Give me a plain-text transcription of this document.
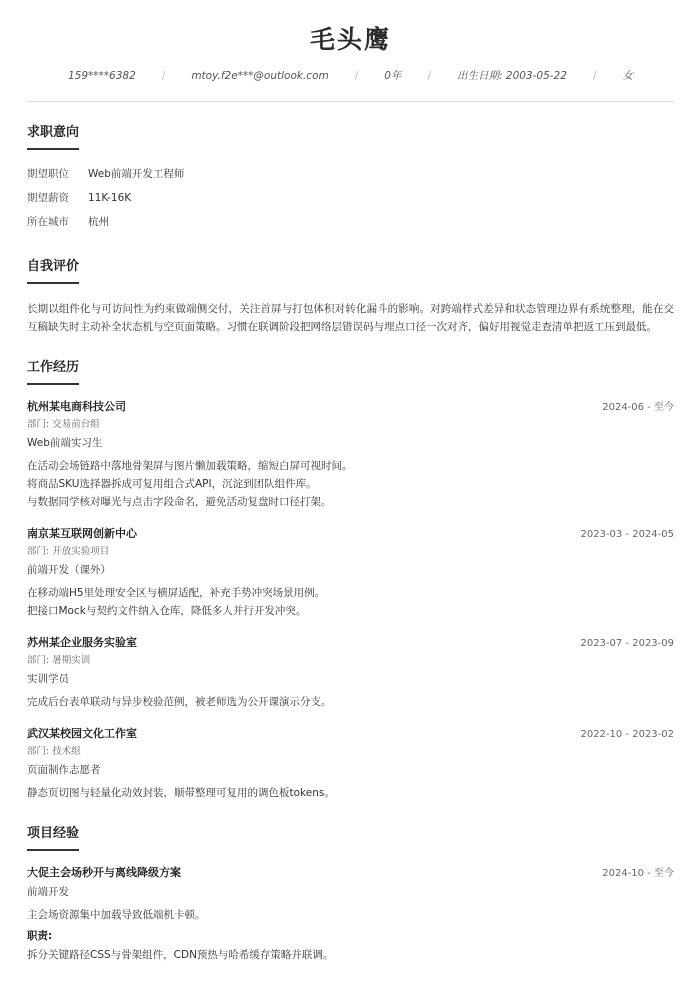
毛头鹰
159****6382	/	mtoy.f2e***@outlook.com	/	0年	/	出生日期: 2003-05-22	/	女
求职意向
期望职位	Web前端开发工程师
期望薪资	11K-16K
所在城市	杭州
自我评价
长期以组件化与可访问性为约束做端侧交付，关注首屏与打包体积对转化漏斗的影响。对跨端样式差异和状态管理边界有系统整理，能在交互稿缺失时主动补全状态机与空页面策略。习惯在联调阶段把网络层错误码与埋点口径一次对齐，偏好用视觉走查清单把返工压到最低。
工作经历
杭州某电商科技公司	2024-06 - 至今
部门: 交易前台组
Web前端实习生
在活动会场链路中落地骨架屏与图片懒加载策略，缩短白屏可视时间。
将商品SKU选择器拆成可复用组合式API，沉淀到团队组件库。
与数据同学核对曝光与点击字段命名，避免活动复盘时口径打架。
南京某互联网创新中心	2023-03 - 2024-05
部门: 开放实验项目
前端开发（课外）
在移动端H5里处理安全区与横屏适配，补充手势冲突场景用例。
把接口Mock与契约文件纳入仓库，降低多人并行开发冲突。
苏州某企业服务实验室	2023-07 - 2023-09
部门: 暑期实训
实训学员
完成后台表单联动与异步校验范例，被老师选为公开课演示分支。
武汉某校园文化工作室	2022-10 - 2023-02
部门: 技术组
页面制作志愿者
静态页切图与轻量化动效封装，顺带整理可复用的调色板tokens。
项目经验
大促主会场秒开与离线降级方案	2024-10 - 至今
前端开发
主会场资源集中加载导致低端机卡顿。
职责:
拆分关键路径CSS与骨架组件，CDN预热与哈希缓存策略并联调。
